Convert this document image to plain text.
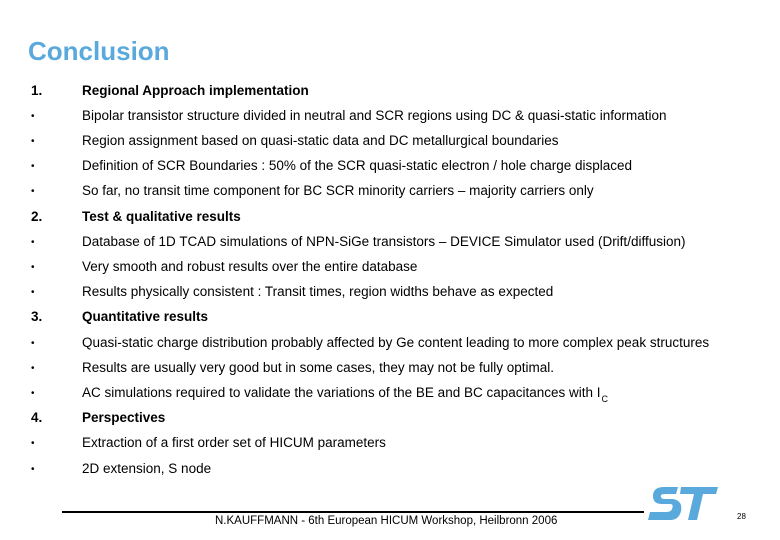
Conclusion
1.	Regional Approach implementation
•	Bipolar transistor structure divided in neutral and SCR regions using DC & quasi-static information
•	Region assignment based on quasi-static data and DC metallurgical boundaries
•	Definition of SCR Boundaries : 50% of the SCR quasi-static electron / hole charge displaced
•	So far, no transit time component for BC SCR minority carriers – majority carriers only
2.	Test & qualitative results
•	Database of 1D TCAD simulations of NPN-SiGe transistors – DEVICE Simulator used (Drift/diffusion)
•	Very smooth and robust results over the entire database
•	Results physically consistent : Transit times, region widths behave as expected
3.	Quantitative results
•	Quasi-static charge distribution probably affected by Ge content leading to more complex peak structures
•	Results are usually very good but in some cases, they may not be fully optimal.
•	AC simulations required to validate the variations of the BE and BC capacitances with $I_C$
4.	Perspectives
•	Extraction of a first order set of HICUM parameters
•	2D extension, S node
N.KAUFFMANN - 6th European HICUM Workshop, Heilbronn 2006	28
